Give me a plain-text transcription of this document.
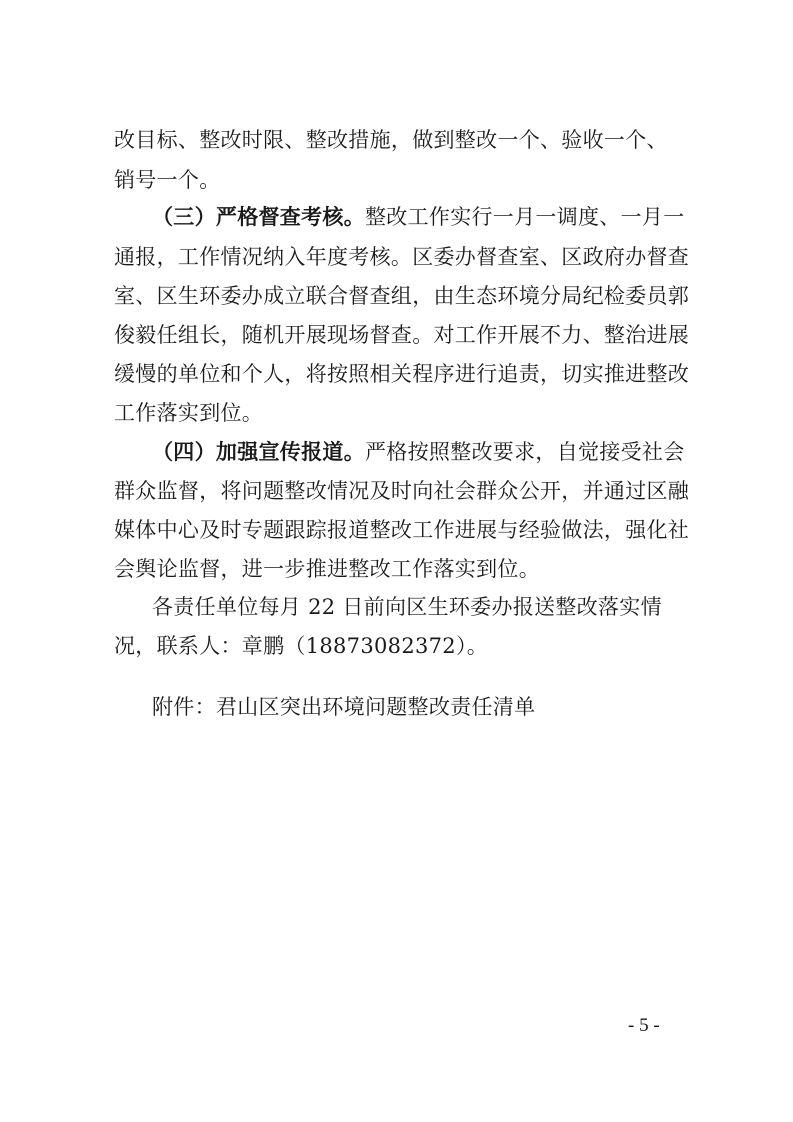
改目标、整改时限、整改措施，做到整改一个、验收一个、
销号一个。
（三）严格督查考核。整改工作实行一月一调度、一月一
通报，工作情况纳入年度考核。区委办督查室、区政府办督查
室、区生环委办成立联合督查组，由生态环境分局纪检委员郭
俊毅任组长，随机开展现场督查。对工作开展不力、整治进展
缓慢的单位和个人，将按照相关程序进行追责，切实推进整改
工作落实到位。
（四）加强宣传报道。严格按照整改要求，自觉接受社会
群众监督，将问题整改情况及时向社会群众公开，并通过区融
媒体中心及时专题跟踪报道整改工作进展与经验做法，强化社
会舆论监督，进一步推进整改工作落实到位。
各责任单位每月 22 日前向区生环委办报送整改落实情
况，联系人：章鹏（18873082372）。
附件：君山区突出环境问题整改责任清单
- 5 -
